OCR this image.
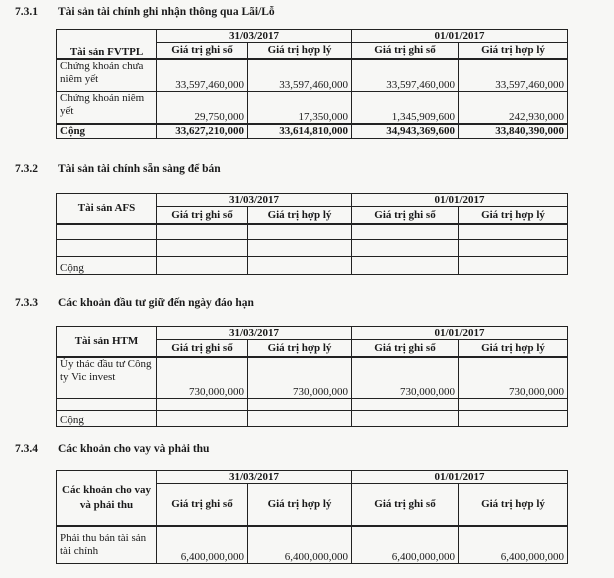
7.3.1 Tài sản tài chính ghi nhận thông qua Lãi/Lỗ
Tài sản FVTPL	31/03/2017		01/01/2017	
	Giá trị ghi sổ	Giá trị hợp lý	Giá trị ghi sổ	Giá trị hợp lý
Chứng khoán chưa niêm yết	33,597,460,000	33,597,460,000	33,597,460,000	33,597,460,000
Chứng khoán niêm yết	29,750,000	17,350,000	1,345,909,600	242,930,000
Cộng	33,627,210,000	33,614,810,000	34,943,369,600	33,840,390,000
7.3.2 Tài sản tài chính sẵn sàng để bán
Tài sản AFS	31/03/2017		01/01/2017	
	Giá trị ghi sổ	Giá trị hợp lý	Giá trị ghi sổ	Giá trị hợp lý

Cộng				
7.3.3 Các khoản đầu tư giữ đến ngày đáo hạn
Tài sản HTM	31/03/2017		01/01/2017	
	Giá trị ghi sổ	Giá trị hợp lý	Giá trị ghi sổ	Giá trị hợp lý
Ủy thác đầu tư Công ty Vic invest	730,000,000	730,000,000	730,000,000	730,000,000

Cộng				
7.3.4 Các khoản cho vay và phải thu
Các khoản cho vay và phải thu	31/03/2017		01/01/2017	
	Giá trị ghi sổ	Giá trị hợp lý	Giá trị ghi sổ	Giá trị hợp lý
Phải thu bán tài sản tài chính	6,400,000,000	6,400,000,000	6,400,000,000	6,400,000,000
